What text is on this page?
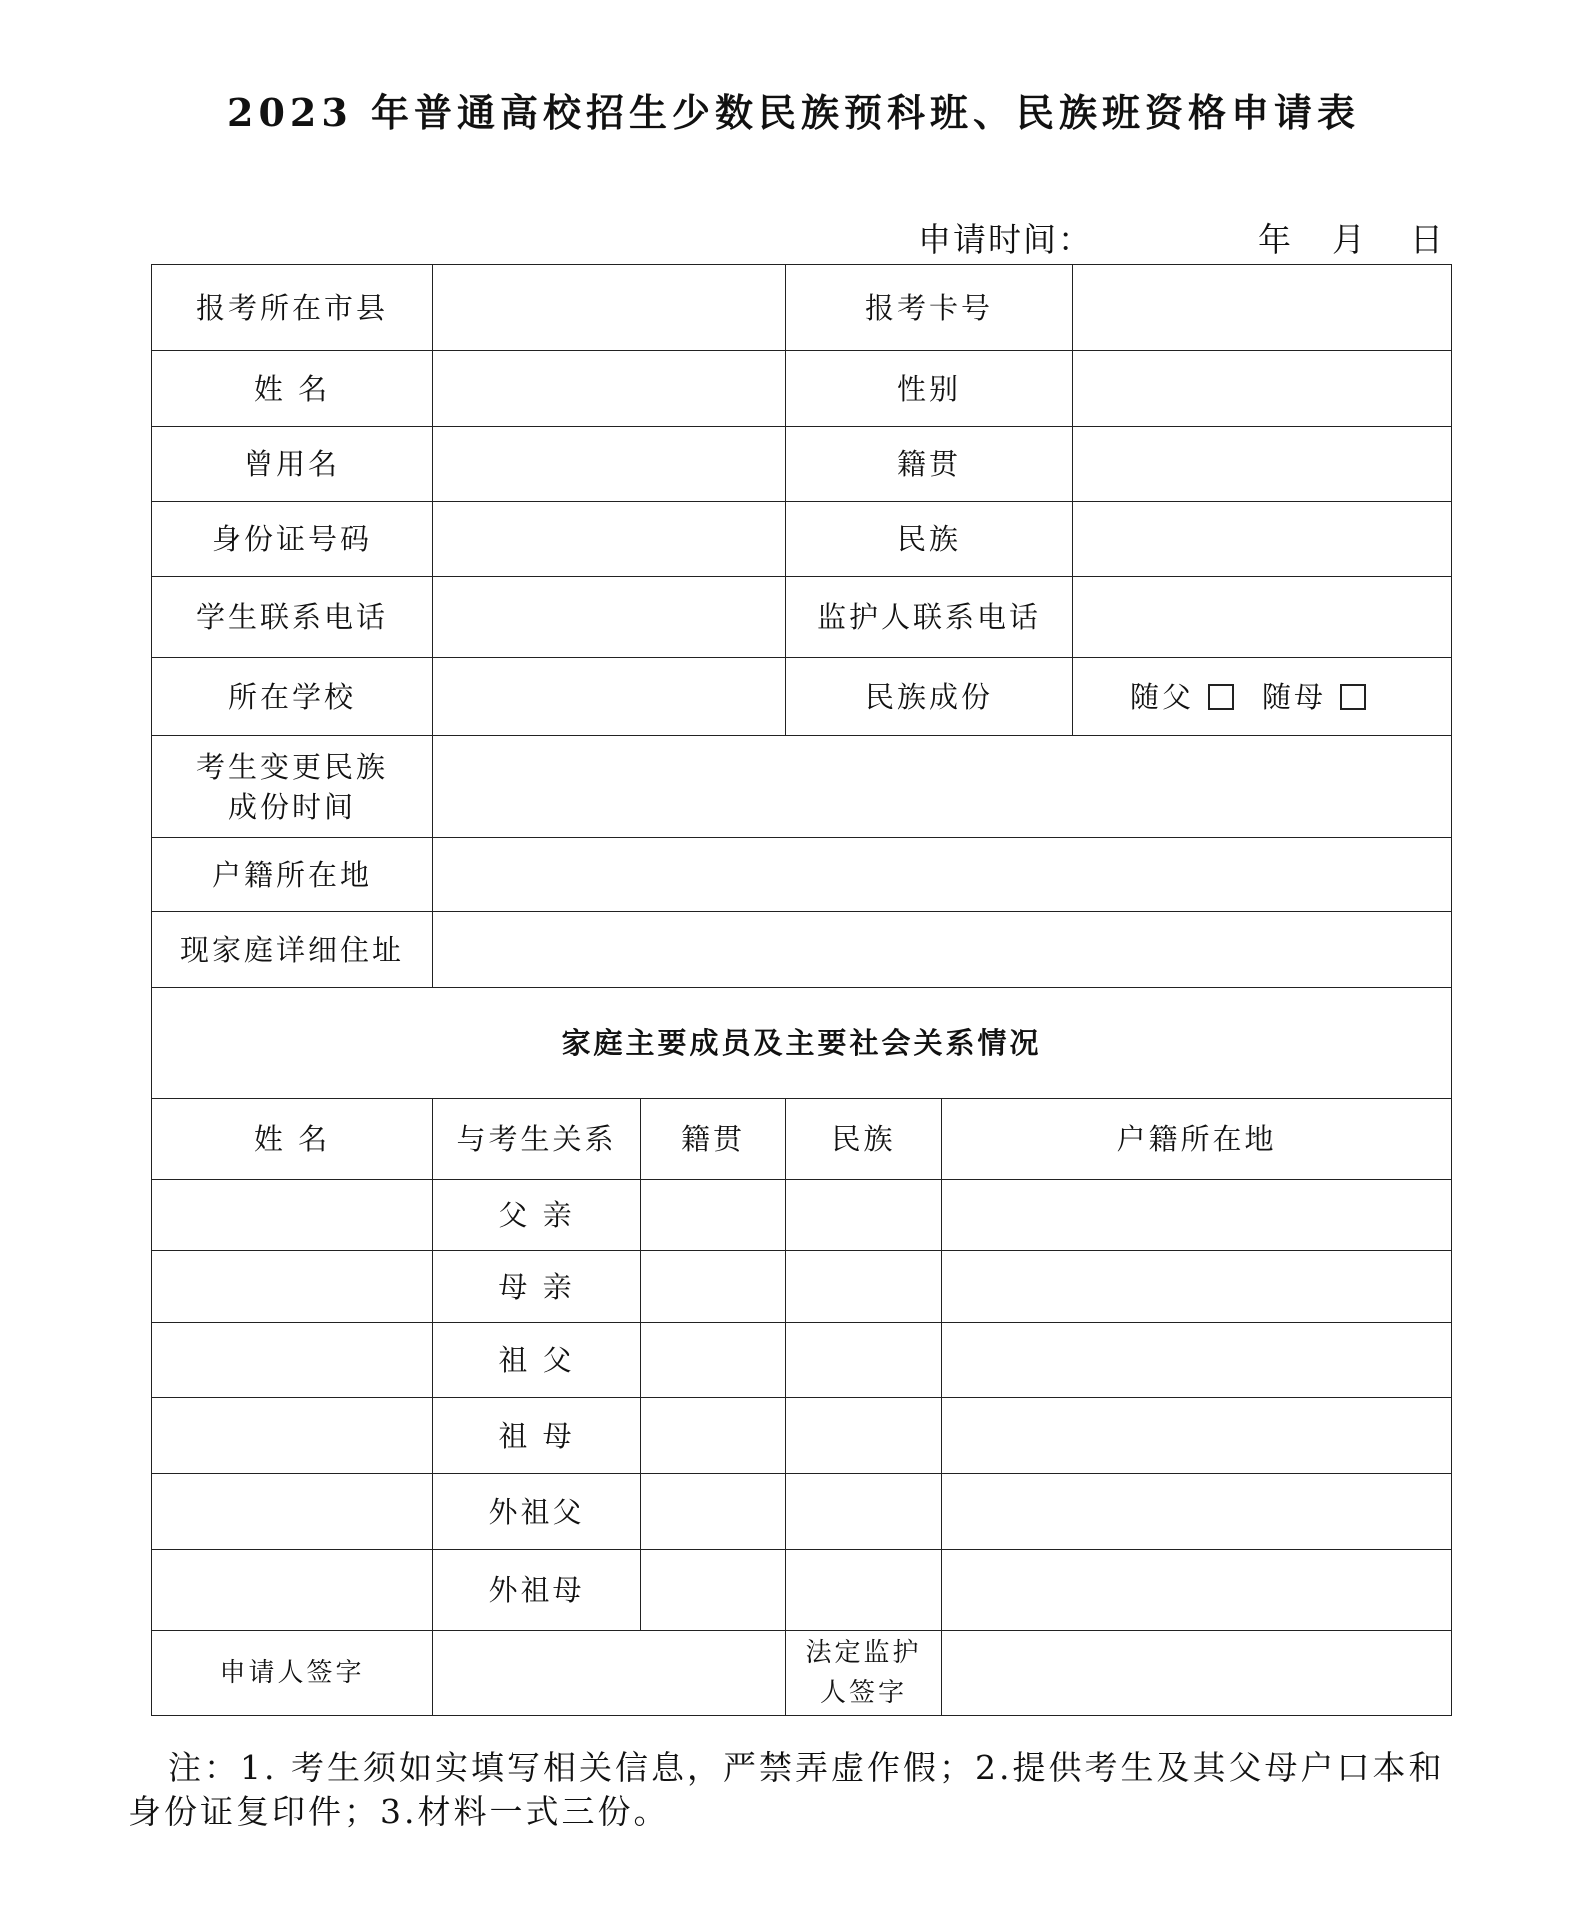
2023 年普通高校招生少数民族预科班、民族班资格申请表
申请时间：	年 月 日
报考所在市县			报考卡号		
姓 名			性别		
曾用名			籍贯		
身份证号码			民族		
学生联系电话			监护人联系电话		
所在学校			民族成份		随父 随母

考生变更民族
成份时间					

户籍所在地					
现家庭详细住址					
家庭主要成员及主要社会关系情况					
姓 名	与考生关系	籍贯	民族	户籍所在地	
	父 亲				
	母 亲				
	祖 父				
	祖 母				
	外祖父				
	外祖母				
申请人签字			法定监护
人签字		

注：1. 考生须如实填写相关信息，严禁弄虚作假；2.提供考生及其父母户口本和身份证复印件；3.材料一式三份。
